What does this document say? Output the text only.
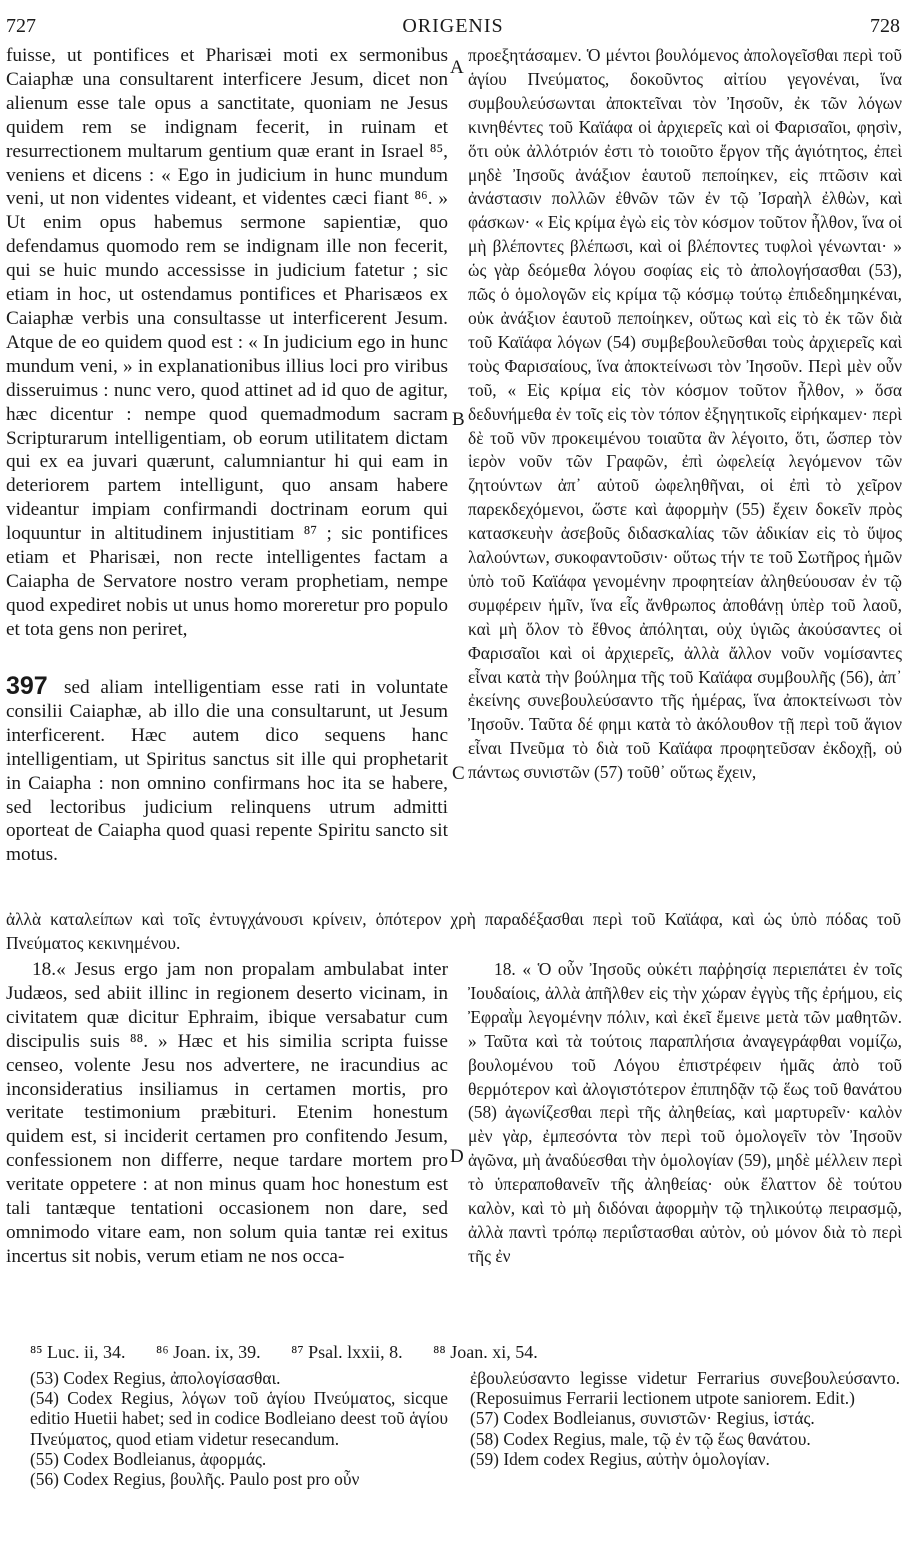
727	ORIGENIS	728

fuisse, ut pontifices et Pharisæi moti ex sermonibus Caiaphæ una consultarent interficere Jesum, dicet non alienum esse tale opus a sanctitate, quoniam ne Jesus quidem rem se indignam fecerit, in ruinam et resurrectionem multarum gentium quæ erant in Israel ⁸⁵, veniens et dicens : « Ego in judicium in hunc mundum veni, ut non videntes videant, et videntes cæci fiant ⁸⁶. » Ut enim opus habemus sermone sapientiæ, quo defendamus quomodo rem se indignam ille non fecerit, qui se huic mundo accessisse in judicium fatetur ; sic etiam in hoc, ut ostendamus pontifices et Pharisæos ex Caiaphæ verbis una consultasse ut interficerent Jesum. Atque de eo quidem quod est : « In judicium ego in hunc mundum veni, » in explanationibus illius loci pro viribus disseruimus : nunc vero, quod attinet ad id quo de agitur, hæc dicentur : nempe quod quemadmodum sacram Scripturarum intelligentiam, ob eorum utilitatem dictam qui ex ea juvari quærunt, calumniantur hi qui eam in deteriorem partem intelligunt, quo ansam habere videantur impiam confirmandi doctrinam eorum qui loquuntur in altitudinem injustitiam ⁸⁷ ; sic pontifices etiam et Pharisæi, non recte intelligentes factam a Caiapha de Servatore nostro veram prophetiam, nempe quod expediret nobis ut unus homo moreretur pro populo et tota gens non periret,

397 sed aliam intelligentiam esse rati in voluntate consilii Caiaphæ, ab illo die una consultarunt, ut Jesum interficerent. Hæc autem dico sequens hanc intelligentiam, ut Spiritus sanctus sit ille qui prophetarit in Caiapha : non omnino confirmans hoc ita se habere, sed lectoribus judicium relinquens utrum admitti oporteat de Caiapha quod quasi repente Spiritu sancto sit motus.

A
B
C
D

προεξητάσαμεν. Ὁ μέντοι βουλόμενος ἀπολογεῖσθαι περὶ τοῦ ἁγίου Πνεύματος, δοκοῦντος αἰτίου γεγονέναι, ἵνα συμβουλεύσωνται ἀποκτεῖναι τὸν Ἰησοῦν, ἐκ τῶν λόγων κινηθέντες τοῦ Καϊάφα οἱ ἀρχιερεῖς καὶ οἱ Φαρισαῖοι, φησὶν, ὅτι οὐκ ἀλλότριόν ἐστι τὸ τοιοῦτο ἔργον τῆς ἁγιότητος, ἐπεὶ μηδὲ Ἰησοῦς ἀνάξιον ἑαυτοῦ πεποίηκεν, εἰς πτῶσιν καὶ ἀνάστασιν πολλῶν ἐθνῶν τῶν ἐν τῷ Ἰσραὴλ ἐλθὼν, καὶ φάσκων· « Εἰς κρίμα ἐγὼ εἰς τὸν κόσμον τοῦτον ἦλθον, ἵνα οἱ μὴ βλέποντες βλέπωσι, καὶ οἱ βλέποντες τυφλοὶ γένωνται· » ὡς γὰρ δεόμεθα λόγου σοφίας εἰς τὸ ἀπολογήσασθαι (53), πῶς ὁ ὁμολογῶν εἰς κρίμα τῷ κόσμῳ τούτῳ ἐπιδεδημηκέναι, οὐκ ἀνάξιον ἑαυτοῦ πεποίηκεν, οὕτως καὶ εἰς τὸ ἐκ τῶν διὰ τοῦ Καϊάφα λόγων (54) συμβεβουλεῦσθαι τοὺς ἀρχιερεῖς καὶ τοὺς Φαρισαίους, ἵνα ἀποκτείνωσι τὸν Ἰησοῦν. Περὶ μὲν οὖν τοῦ, « Εἰς κρίμα εἰς τὸν κόσμον τοῦτον ἦλθον, » ὅσα δεδυνήμεθα ἐν τοῖς εἰς τὸν τόπον ἐξηγητικοῖς εἰρήκαμεν· περὶ δὲ τοῦ νῦν προκειμένου τοιαῦτα ἂν λέγοιτο, ὅτι, ὥσπερ τὸν ἱερὸν νοῦν τῶν Γραφῶν, ἐπὶ ὠφελείᾳ λεγόμενον τῶν ζητούντων ἀπ᾽ αὐτοῦ ὠφεληθῆναι, οἱ ἐπὶ τὸ χεῖρον παρεκδεχόμενοι, ὥστε καὶ ἀφορμὴν (55) ἔχειν δοκεῖν πρὸς κατασκευὴν ἀσεβοῦς διδασκαλίας τῶν ἀδικίαν εἰς τὸ ὕψος λαλούντων, συκοφαντοῦσιν· οὕτως τήν τε τοῦ Σωτῆρος ἡμῶν ὑπὸ τοῦ Καϊάφα γενομένην προφητείαν ἀληθεύουσαν ἐν τῷ συμφέρειν ἡμῖν, ἵνα εἷς ἄνθρωπος ἀποθάνῃ ὑπὲρ τοῦ λαοῦ, καὶ μὴ ὅλον τὸ ἔθνος ἀπόληται, οὐχ ὑγιῶς ἀκούσαντες οἱ Φαρισαῖοι καὶ οἱ ἀρχιερεῖς, ἀλλὰ ἄλλον νοῦν νομίσαντες εἶναι κατὰ τὴν βούλημα τῆς τοῦ Καϊάφα συμβουλῆς (56), ἀπ᾽ ἐκείνης συνεβουλεύσαντο τῆς ἡμέρας, ἵνα ἀποκτείνωσι τὸν Ἰησοῦν. Ταῦτα δέ φημι κατὰ τὸ ἀκόλουθον τῇ περὶ τοῦ ἅγιον εἶναι Πνεῦμα τὸ διὰ τοῦ Καϊάφα προφητεῦσαν ἐκδοχῇ, οὐ πάντως συνιστῶν (57) τοῦθ᾽ οὕτως ἔχειν,

ἀλλὰ καταλείπων καὶ τοῖς ἐντυγχάνουσι κρίνειν, ὁπότερον χρὴ παραδέξασθαι περὶ τοῦ Καϊάφα, καὶ ὡς ὑπὸ πόδας τοῦ Πνεύματος κεκινημένου.

18.« Jesus ergo jam non propalam ambulabat inter Judæos, sed abiit illinc in regionem deserto vicinam, in civitatem quæ dicitur Ephraim, ibique versabatur cum discipulis suis ⁸⁸. » Hæc et his similia scripta fuisse censeo, volente Jesu nos advertere, ne iracundius ac inconsideratius insiliamus in certamen mortis, pro veritate testimonium præbituri. Etenim honestum quidem est, si inciderit certamen pro confitendo Jesum, confessionem non differre, neque tardare mortem pro veritate oppetere : at non minus quam hoc honestum est tali tantæque tentationi occasionem non dare, sed omnimodo vitare eam, non solum quia tantæ rei exitus incertus sit nobis, verum etiam ne nos occa-

18. « Ὁ οὖν Ἰησοῦς οὐκέτι παῤῥησίᾳ περιεπάτει ἐν τοῖς Ἰουδαίοις, ἀλλὰ ἀπῆλθεν εἰς τὴν χώραν ἐγγὺς τῆς ἐρήμου, εἰς Ἐφραῒμ λεγομένην πόλιν, καὶ ἐκεῖ ἔμεινε μετὰ τῶν μαθητῶν. » Ταῦτα καὶ τὰ τούτοις παραπλήσια ἀναγεγράφθαι νομίζω, βουλομένου τοῦ Λόγου ἐπιστρέφειν ἡμᾶς ἀπὸ τοῦ θερμότερον καὶ ἀλογιστότερον ἐπιπηδᾷν τῷ ἕως τοῦ θανάτου (58) ἀγωνίζεσθαι περὶ τῆς ἀληθείας, καὶ μαρτυρεῖν· καλὸν μὲν γὰρ, ἐμπεσόντα τὸν περὶ τοῦ ὁμολογεῖν τὸν Ἰησοῦν ἀγῶνα, μὴ ἀναδύεσθαι τὴν ὁμολογίαν (59), μηδὲ μέλλειν περὶ τὸ ὑπεραποθανεῖν τῆς ἀληθείας· οὐκ ἔλαττον δὲ τούτου καλὸν, καὶ τὸ μὴ διδόναι ἀφορμὴν τῷ τηλικούτῳ πειρασμῷ, ἀλλὰ παντὶ τρόπῳ περιΐστασθαι αὐτὸν, οὐ μόνον διὰ τὸ περὶ τῆς ἐν

⁸⁵ Luc. ii, 34. ⁸⁶ Joan. ix, 39. ⁸⁷ Psal. lxxii, 8. ⁸⁸ Joan. xi, 54.

(53) Codex Regius, ἀπολογίσασθαι.

(54) Codex Regius, λόγων τοῦ ἁγίου Πνεύματος, sicque editio Huetii habet; sed in codice Bodleiano deest τοῦ ἁγίου Πνεύματος, quod etiam videtur resecandum.

(55) Codex Bodleianus, ἀφορμάς.

(56) Codex Regius, βουλῆς. Paulo post pro οὖν

ἐβουλεύσαντο legisse videtur Ferrarius συνεβουλεύσαντο. (Reposuimus Ferrarii lectionem utpote saniorem. Edit.)

(57) Codex Bodleianus, συνιστῶν· Regius, ἱστάς.

(58) Codex Regius, male, τῷ ἐν τῷ ἕως θανάτου.

(59) Idem codex Regius, αὐτὴν ὁμολογίαν.
